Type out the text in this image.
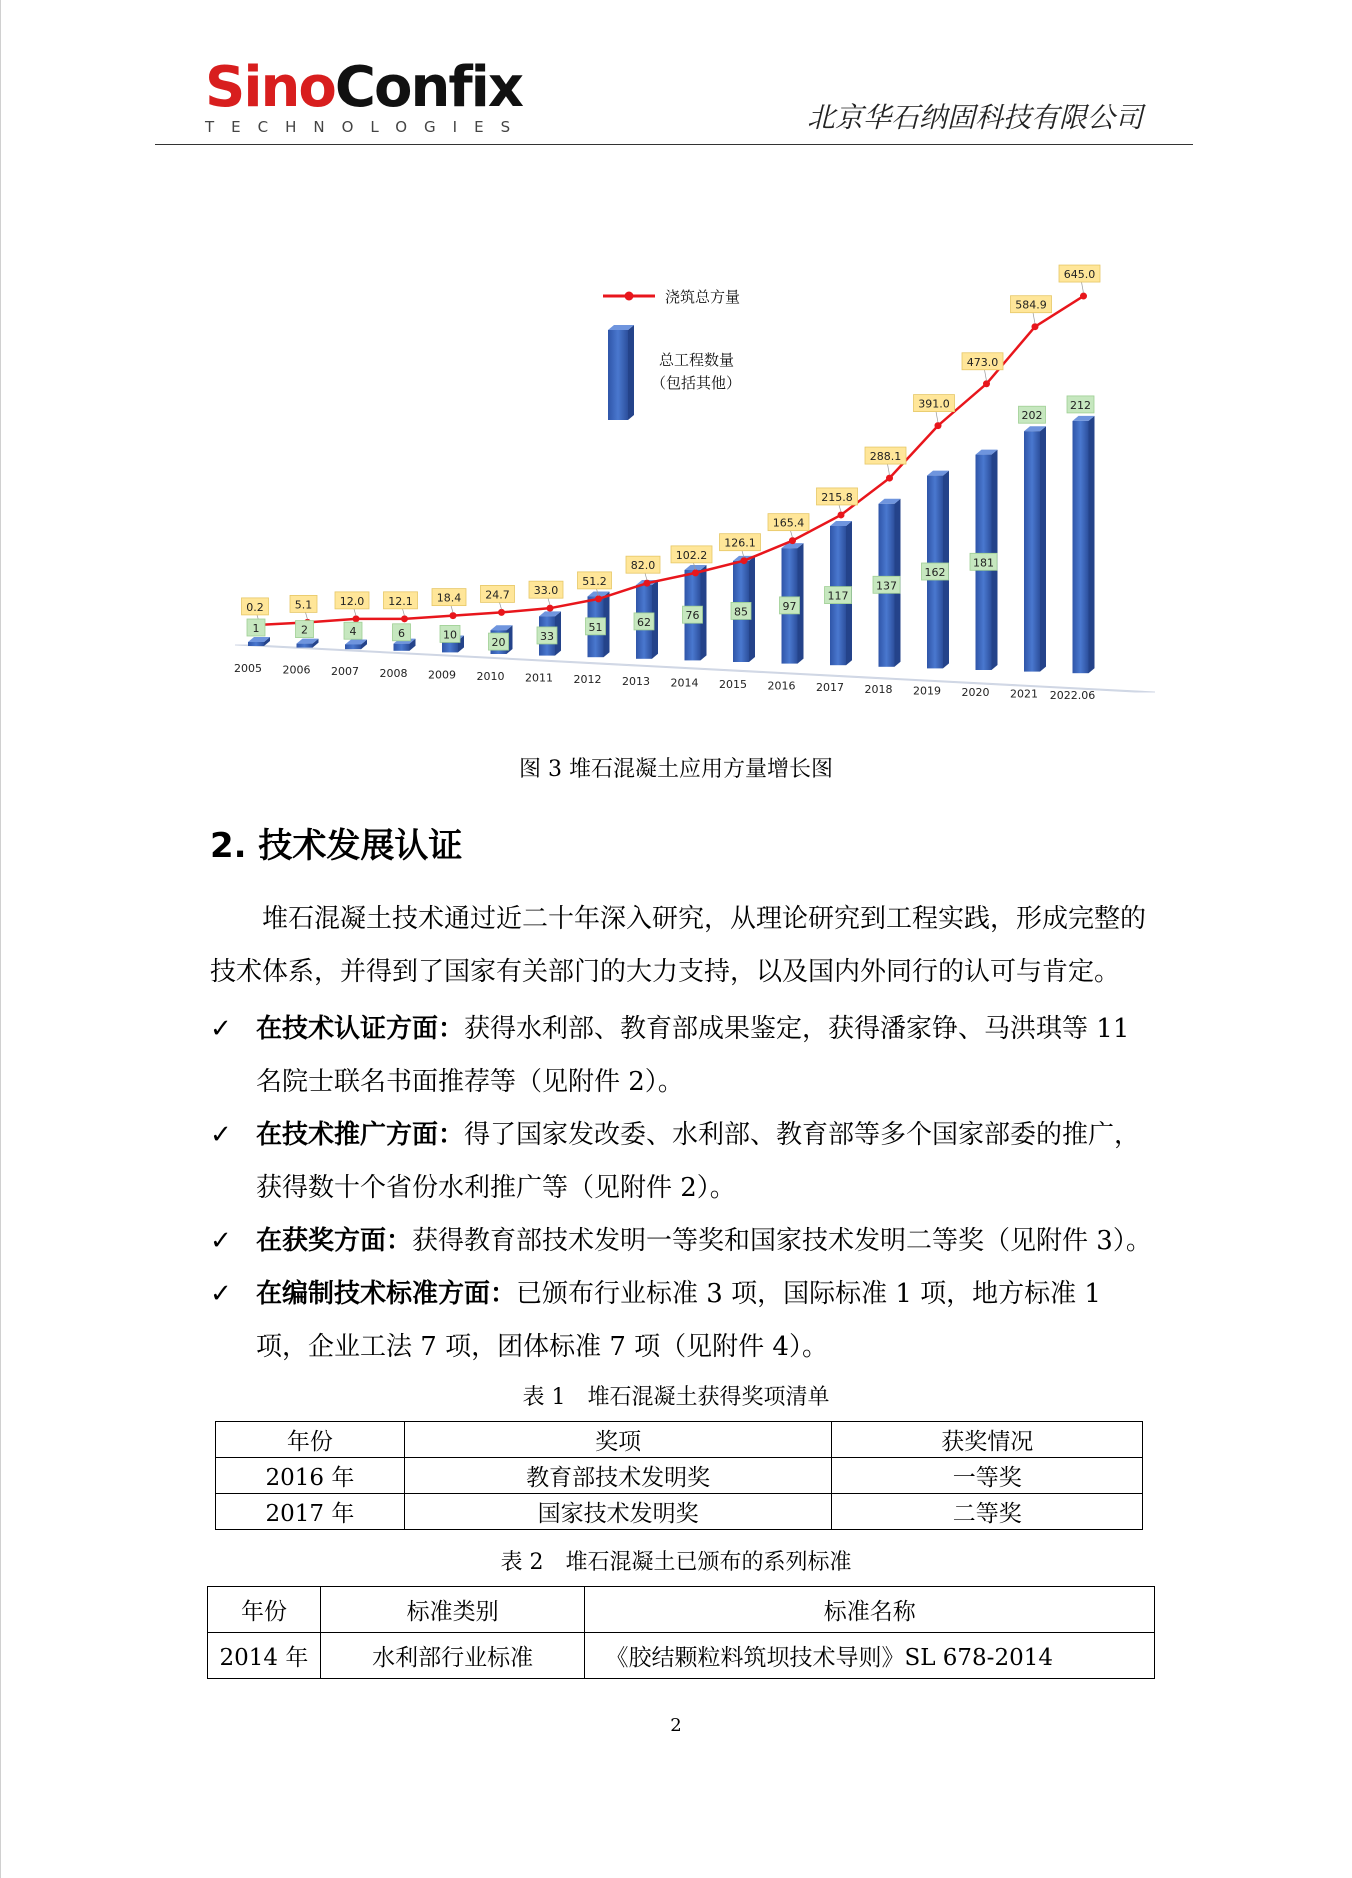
SinoConfix
TECHNOLOGIES	北京华石纳固科技有限公司
0.2	5.1	12.0 12.1 18.4 24.7 33.0
51.2
82.0
102.2
126.1
165.4
215.8
288.1
391.0
473.0
584.9
645.0
1	2	4	6	10
20	33
51	62
76	85	97
117
137
162
181
202
212
2005 2006 2007 2008 2009 2010 2011 2012 2013 2014 2015 2016 2017 2018 2019 2020 2021 2022.06
浇筑总方量
总工程数量
（包括其他）
图 3 堆石混凝土应用方量增长图
2. 技术发展认证
堆石混凝土技术通过近二十年深入研究，从理论研究到工程实践，形成完整的技术体系，并得到了国家有关部门的大力支持，以及国内外同行的认可与肯定。
✓ 在技术认证方面：获得水利部、教育部成果鉴定，获得潘家铮、马洪琪等 11 名院士联名书面推荐等（见附件 2）。
✓ 在技术推广方面：得了国家发改委、水利部、教育部等多个国家部委的推广，获得数十个省份水利推广等（见附件 2）。
✓ 在获奖方面：获得教育部技术发明一等奖和国家技术发明二等奖（见附件 3）。
✓ 在编制技术标准方面：已颁布行业标准 3 项，国际标准 1 项，地方标准 1 项，企业工法 7 项，团体标准 7 项（见附件 4）。
表 1　堆石混凝土获得奖项清单
年份	奖项	获奖情况
2016 年	教育部技术发明奖	一等奖
2017 年	国家技术发明奖	二等奖
表 2　堆石混凝土已颁布的系列标准
年份	标准类别	标准名称
2014 年	水利部行业标准	《胶结颗粒料筑坝技术导则》SL 678-2014
2
